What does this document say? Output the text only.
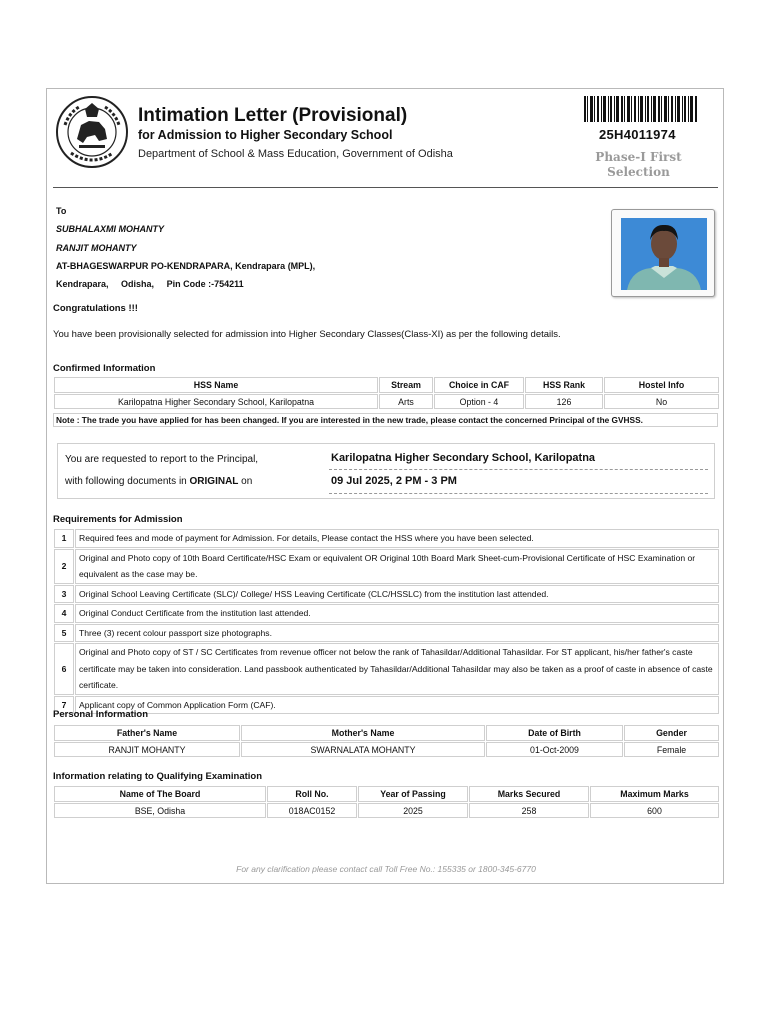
Intimation Letter (Provisional)
for Admission to Higher Secondary School
Department of School & Mass Education, Government of Odisha
25H4011974
Phase-I First
Selection
To
SUBHALAXMI MOHANTY
RANJIT MOHANTY
AT-BHAGESWARPUR PO-KENDRAPARA, Kendrapara (MPL),
Kendrapara, Odisha, Pin Code :-754211
Congratulations !!!
You have been provisionally selected for admission into Higher Secondary Classes(Class-XI) as per the following details.
Confirmed Information
HSS Name	Stream	Choice in CAF	HSS Rank	Hostel Info
Karilopatna Higher Secondary School, Karilopatna	Arts	Option - 4	126	No
Note : The trade you have applied for has been changed. If you are interested in the new trade, please contact the concerned Principal of the GVHSS.
You are requested to report to the Principal,
with following documents in ORIGINAL on
Karilopatna Higher Secondary School, Karilopatna
09 Jul 2025, 2 PM - 3 PM
Requirements for Admission
1	Required fees and mode of payment for Admission. For details, Please contact the HSS where you have been selected.
2	Original and Photo copy of 10th Board Certificate/HSC Exam or equivalent OR Original 10th Board Mark Sheet-cum-Provisional Certificate of HSC Examination or equivalent as the case may be.
3	Original School Leaving Certificate (SLC)/ College/ HSS Leaving Certificate (CLC/HSSLC) from the institution last attended.
4	Original Conduct Certificate from the institution last attended.
5	Three (3) recent colour passport size photographs.
6	Original and Photo copy of ST / SC Certificates from revenue officer not below the rank of Tahasildar/Additional Tahasildar. For ST applicant, his/her father's caste certificate may be taken into consideration. Land passbook authenticated by Tahasildar/Additional Tahasildar may also be taken as a proof of caste in absence of caste certificate.
7	Applicant copy of Common Application Form (CAF).
Personal Information
Father's Name	Mother's Name	Date of Birth	Gender
RANJIT MOHANTY	SWARNALATA MOHANTY	01-Oct-2009	Female
Information relating to Qualifying Examination
Name of The Board	Roll No.	Year of Passing	Marks Secured	Maximum Marks
BSE, Odisha	018AC0152	2025	258	600
For any clarification please contact call Toll Free No.: 155335 or 1800-345-6770
